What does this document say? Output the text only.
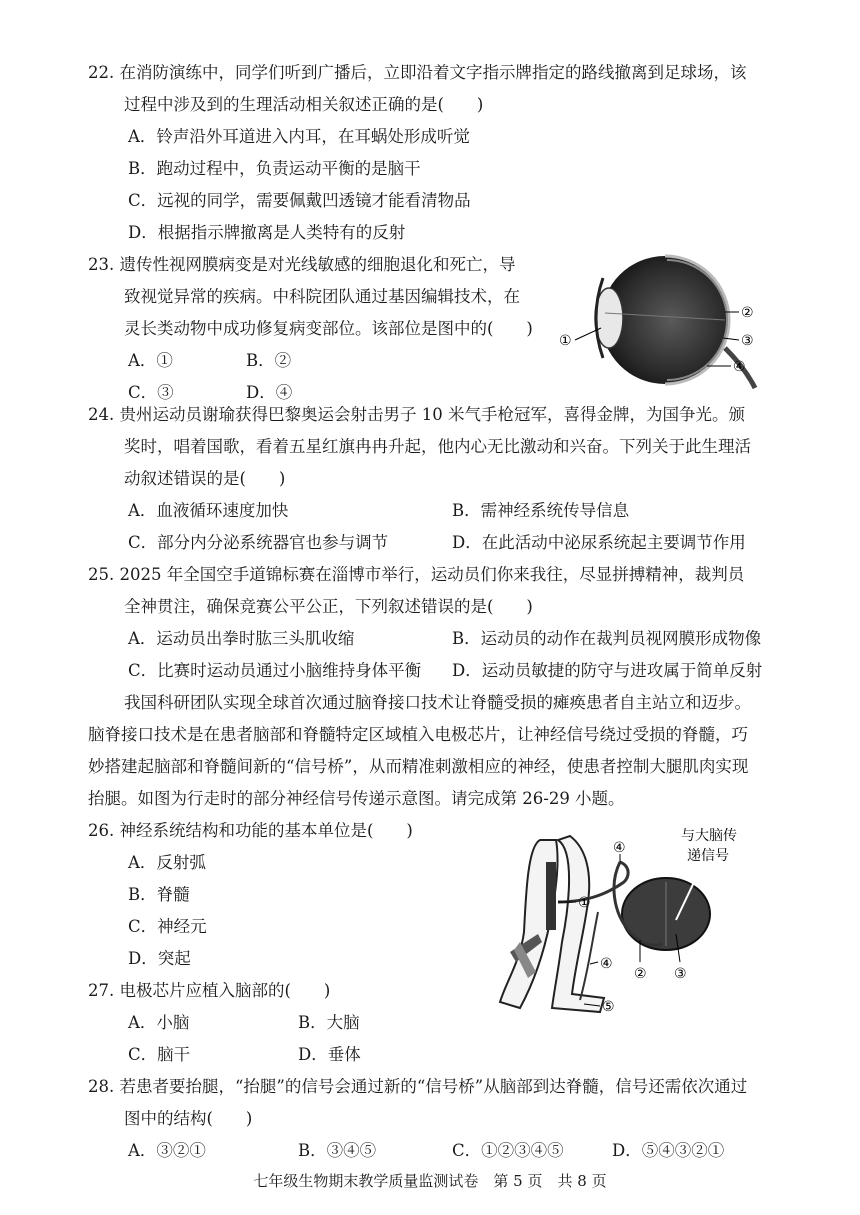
22. 在消防演练中，同学们听到广播后，立即沿着文字指示牌指定的路线撤离到足球场，该
过程中涉及到的生理活动相关叙述正确的是(　　)
A．铃声沿外耳道进入内耳，在耳蜗处形成听觉
B．跑动过程中，负责运动平衡的是脑干
C．远视的同学，需要佩戴凹透镜才能看清物品
D．根据指示牌撤离是人类特有的反射
23. 遗传性视网膜病变是对光线敏感的细胞退化和死亡，导
致视觉异常的疾病。中科院团队通过基因编辑技术，在
灵长类动物中成功修复病变部位。该部位是图中的(　　)
A．①	B．②
C．③	D．④
①
②
③
④
24. 贵州运动员谢瑜获得巴黎奥运会射击男子 10 米气手枪冠军，喜得金牌，为国争光。颁
奖时，唱着国歌，看着五星红旗冉冉升起，他内心无比激动和兴奋。下列关于此生理活
动叙述错误的是(　　)
A．血液循环速度加快	B．需神经系统传导信息
C．部分内分泌系统器官也参与调节	D．在此活动中泌尿系统起主要调节作用
25. 2025 年全国空手道锦标赛在淄博市举行，运动员们你来我往，尽显拼搏精神，裁判员
全神贯注，确保竞赛公平公正，下列叙述错误的是(　　)
A．运动员出拳时肱三头肌收缩	B．运动员的动作在裁判员视网膜形成物像
C．比赛时运动员通过小脑维持身体平衡 D．运动员敏捷的防守与进攻属于简单反射
我国科研团队实现全球首次通过脑脊接口技术让脊髓受损的瘫痪患者自主站立和迈步。
脑脊接口技术是在患者脑部和脊髓特定区域植入电极芯片，让神经信号绕过受损的脊髓，巧
妙搭建起脑部和脊髓间新的“信号桥”，从而精准刺激相应的神经，使患者控制大腿肌肉实现
抬腿。如图为行走时的部分神经信号传递示意图。请完成第 26-29 小题。
26. 神经系统结构和功能的基本单位是(　　)
A．反射弧
B．脊髓
C．神经元
D．突起
与大脑传
递信号
①
② ③
④
④
⑤
27. 电极芯片应植入脑部的(　　)
A．小脑	B．大脑
C．脑干	D．垂体
28. 若患者要抬腿，“抬腿”的信号会通过新的“信号桥”从脑部到达脊髓，信号还需依次通过
图中的结构(　　)
A．③②①	B．③④⑤	C．①②③④⑤	D．⑤④③②①
七年级生物期末教学质量监测试卷　第 5 页　共 8 页
